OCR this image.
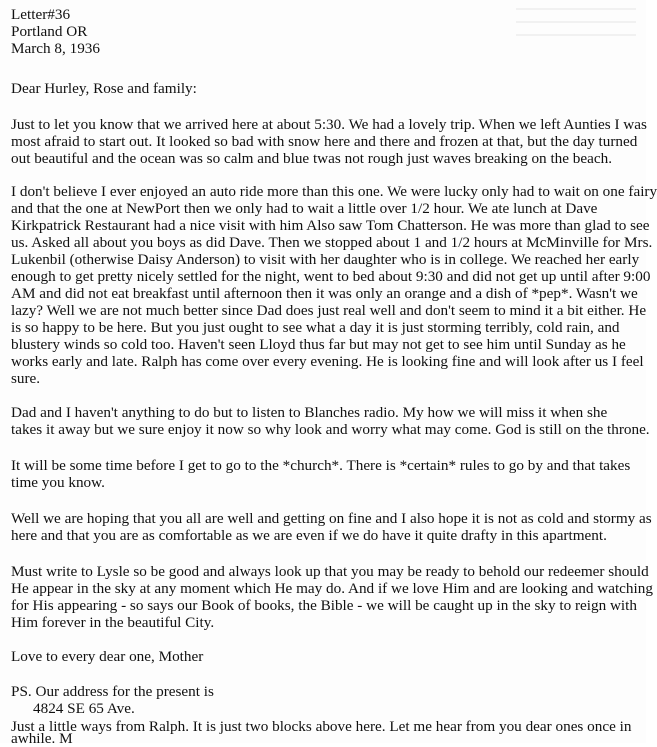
Letter#36
Portland OR
March 8, 1936
Dear Hurley, Rose and family:
Just to let you know that we arrived here at about 5:30. We had a lovely trip. When we left Aunties I was
most afraid to start out. It looked so bad with snow here and there and frozen at that, but the day turned
out beautiful and the ocean was so calm and blue twas not rough just waves breaking on the beach.
I don't believe I ever enjoyed an auto ride more than this one. We were lucky only had to wait on one fairy
and that the one at NewPort then we only had to wait a little over 1/2 hour. We ate lunch at Dave
Kirkpatrick Restaurant had a nice visit with him Also saw Tom Chatterson. He was more than glad to see
us. Asked all about you boys as did Dave. Then we stopped about 1 and 1/2 hours at McMinville for Mrs.
Lukenbil (otherwise Daisy Anderson) to visit with her daughter who is in college. We reached her early
enough to get pretty nicely settled for the night, went to bed about 9:30 and did not get up until after 9:00
AM and did not eat breakfast until afternoon then it was only an orange and a dish of *pep*. Wasn't we
lazy? Well we are not much better since Dad does just real well and don't seem to mind it a bit either. He
is so happy to be here. But you just ought to see what a day it is just storming terribly, cold rain, and
blustery winds so cold too. Haven't seen Lloyd thus far but may not get to see him until Sunday as he
works early and late. Ralph has come over every evening. He is looking fine and will look after us I feel
sure.
Dad and I haven't anything to do but to listen to Blanches radio. My how we will miss it when she
takes it away but we sure enjoy it now so why look and worry what may come. God is still on the throne.
It will be some time before I get to go to the *church*. There is *certain* rules to go by and that takes
time you know.
Well we are hoping that you all are well and getting on fine and I also hope it is not as cold and stormy as
here and that you are as comfortable as we are even if we do have it quite drafty in this apartment.
Must write to Lysle so be good and always look up that you may be ready to behold our redeemer should
He appear in the sky at any moment which He may do. And if we love Him and are looking and watching
for His appearing - so says our Book of books, the Bible - we will be caught up in the sky to reign with
Him forever in the beautiful City.
Love to every dear one, Mother
PS. Our address for the present is
4824 SE 65 Ave.
Just a little ways from Ralph. It is just two blocks above here. Let me hear from you dear ones once in
awhile. M
